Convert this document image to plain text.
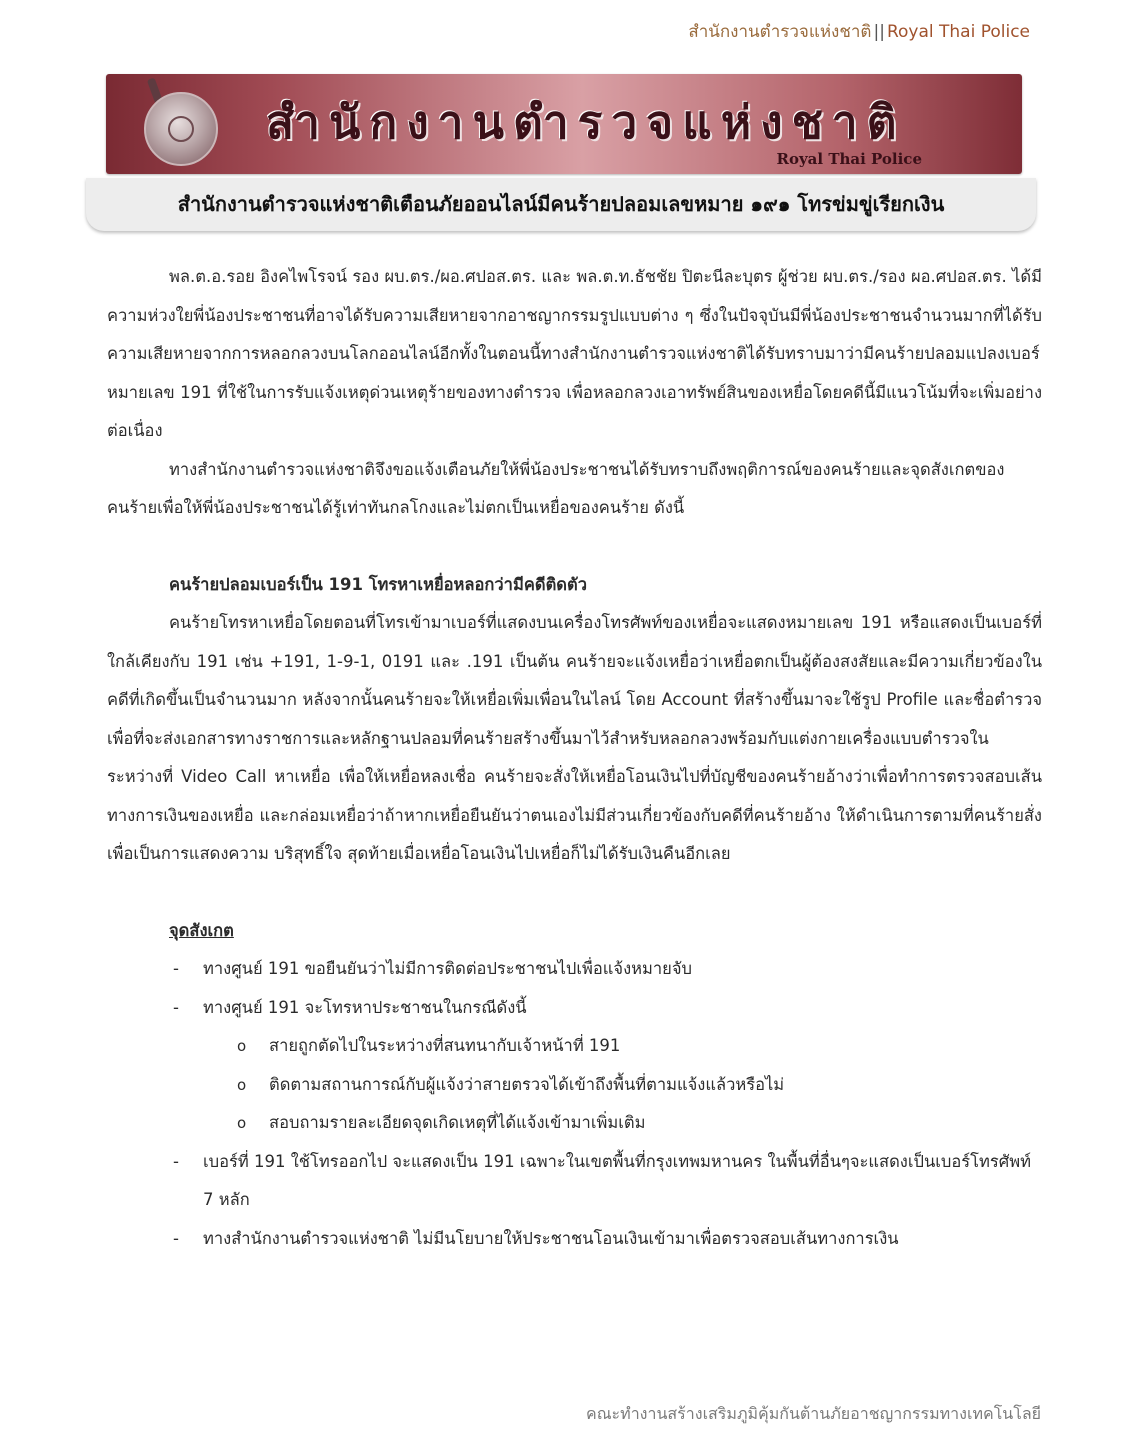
สำนักงานตำรวจแห่งชาติ || Royal Thai Police
สำนักงานตำรวจแห่งชาติ
Royal Thai Police
สำนักงานตำรวจแห่งชาติเตือนภัยออนไลน์มีคนร้ายปลอมเลขหมาย ๑๙๑ โทรข่มขู่เรียกเงิน

พล.ต.อ.รอย อิงคไพโรจน์ รอง ผบ.ตร./ผอ.ศปอส.ตร. และ พล.ต.ท.ธัชชัย ปิตะนีละบุตร ผู้ช่วย ผบ.ตร./รอง ผอ.ศปอส.ตร. ได้มีความห่วงใยพี่น้องประชาชนที่อาจได้รับความเสียหายจากอาชญากรรมรูปแบบต่าง ๆ ซึ่งในปัจจุบันมีพี่น้องประชาชนจำนวนมากที่ได้รับความเสียหายจากการหลอกลวงบนโลกออนไลน์อีกทั้งในตอนนี้ทางสำนักงานตำรวจแห่งชาติได้รับทราบมาว่ามีคนร้ายปลอมแปลงเบอร์หมายเลข 191 ที่ใช้ในการรับแจ้งเหตุด่วนเหตุร้ายของทางตำรวจ เพื่อหลอกลวงเอาทรัพย์สินของเหยื่อโดยคดีนี้มีแนวโน้มที่จะเพิ่มอย่างต่อเนื่อง

ทางสำนักงานตำรวจแห่งชาติจึงขอแจ้งเตือนภัยให้พี่น้องประชาชนได้รับทราบถึงพฤติการณ์ของคนร้ายและจุดสังเกตของคนร้ายเพื่อให้พี่น้องประชาชนได้รู้เท่าทันกลโกงและไม่ตกเป็นเหยื่อของคนร้าย ดังนี้

คนร้ายปลอมเบอร์เป็น 191 โทรหาเหยื่อหลอกว่ามีคดีติดตัว

คนร้ายโทรหาเหยื่อโดยตอนที่โทรเข้ามาเบอร์ที่แสดงบนเครื่องโทรศัพท์ของเหยื่อจะแสดงหมายเลข 191 หรือแสดงเป็นเบอร์ที่ใกล้เคียงกับ 191 เช่น +191, 1-9-1, 0191 และ .191 เป็นต้น คนร้ายจะแจ้งเหยื่อว่าเหยื่อตกเป็นผู้ต้องสงสัยและมีความเกี่ยวข้องในคดีที่เกิดขึ้นเป็นจำนวนมาก หลังจากนั้นคนร้ายจะให้เหยื่อเพิ่มเพื่อนในไลน์ โดย Account ที่สร้างขึ้นมาจะใช้รูป Profile และชื่อตำรวจ เพื่อที่จะส่งเอกสารทางราชการและหลักฐานปลอมที่คนร้ายสร้างขึ้นมาไว้สำหรับหลอกลวงพร้อมกับแต่งกายเครื่องแบบตำรวจในระหว่างที่ Video Call หาเหยื่อ เพื่อให้เหยื่อหลงเชื่อ คนร้ายจะสั่งให้เหยื่อโอนเงินไปที่บัญชีของคนร้ายอ้างว่าเพื่อทำการตรวจสอบเส้นทางการเงินของเหยื่อ และกล่อมเหยื่อว่าถ้าหากเหยื่อยืนยันว่าตนเองไม่มีส่วนเกี่ยวข้องกับคดีที่คนร้ายอ้าง ให้ดำเนินการตามที่คนร้ายสั่งเพื่อเป็นการแสดงความ บริสุทธิ์ใจ สุดท้ายเมื่อเหยื่อโอนเงินไปเหยื่อก็ไม่ได้รับเงินคืนอีกเลย

จุดสังเกต

- ทางศูนย์ 191 ขอยืนยันว่าไม่มีการติดต่อประชาชนไปเพื่อแจ้งหมายจับ
- ทางศูนย์ 191 จะโทรหาประชาชนในกรณีดังนี้
o สายถูกตัดไปในระหว่างที่สนทนากับเจ้าหน้าที่ 191
o ติดตามสถานการณ์กับผู้แจ้งว่าสายตรวจได้เข้าถึงพื้นที่ตามแจ้งแล้วหรือไม่
o สอบถามรายละเอียดจุดเกิดเหตุที่ได้แจ้งเข้ามาเพิ่มเติม
- เบอร์ที่ 191 ใช้โทรออกไป จะแสดงเป็น 191 เฉพาะในเขตพื้นที่กรุงเทพมหานคร ในพื้นที่อื่นๆจะแสดงเป็นเบอร์โทรศัพท์ 7 หลัก
- ทางสำนักงานตำรวจแห่งชาติ ไม่มีนโยบายให้ประชาชนโอนเงินเข้ามาเพื่อตรวจสอบเส้นทางการเงิน
คณะทำงานสร้างเสริมภูมิคุ้มกันต้านภัยอาชญากรรมทางเทคโนโลยี
